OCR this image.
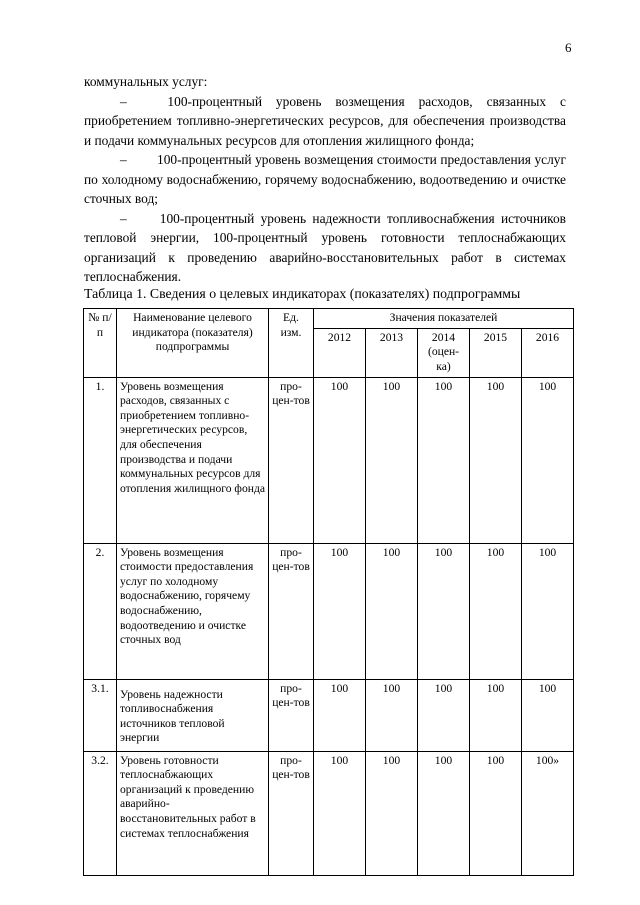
6

коммунальных услуг:

–   100-процентный уровень возмещения расходов, связанных с приобретением топливно-энергетических ресурсов, для обеспечения производства и подачи коммунальных ресурсов для отопления жилищного фонда;

–   100-процентный уровень возмещения стоимости предоставления услуг по холодному водоснабжению, горячему водоснабжению, водоотведению и очистке сточных вод;

–   100-процентный уровень надежности топливоснабжения источников тепловой энергии, 100-процентный уровень готовности теплоснабжающих организаций к проведению аварийно-восстановительных работ в системах теплоснабжения.

Таблица 1. Сведения о целевых индикаторах (показателях) подпрограммы
№ п/п	Наименование целевого индикатора (показателя) подпрограммы	Ед. изм.	Значения показателей				
			2012	2013	2014 (оцен-ка)	2015	2016
1.	Уровень возмещения расходов, связанных с приобретением топливно-энергетических ресурсов, для обеспечения производства и подачи коммунальных ресурсов для отопления жилищного фонда	про-цен-тов	100	100	100	100	100
2.	Уровень возмещения стоимости предоставления услуг по холодному водоснабжению, горячему водоснабжению, водоотведению и очистке сточных вод	про-цен-тов	100	100	100	100	100
3.1.	Уровень надежности топливоснабжения источников тепловой энергии	про-цен-тов	100	100	100	100	100
3.2.	Уровень готовности теплоснабжающих организаций к проведению аварийно-восстановительных работ в системах теплоснабжения	про-цен-тов	100	100	100	100	100»
